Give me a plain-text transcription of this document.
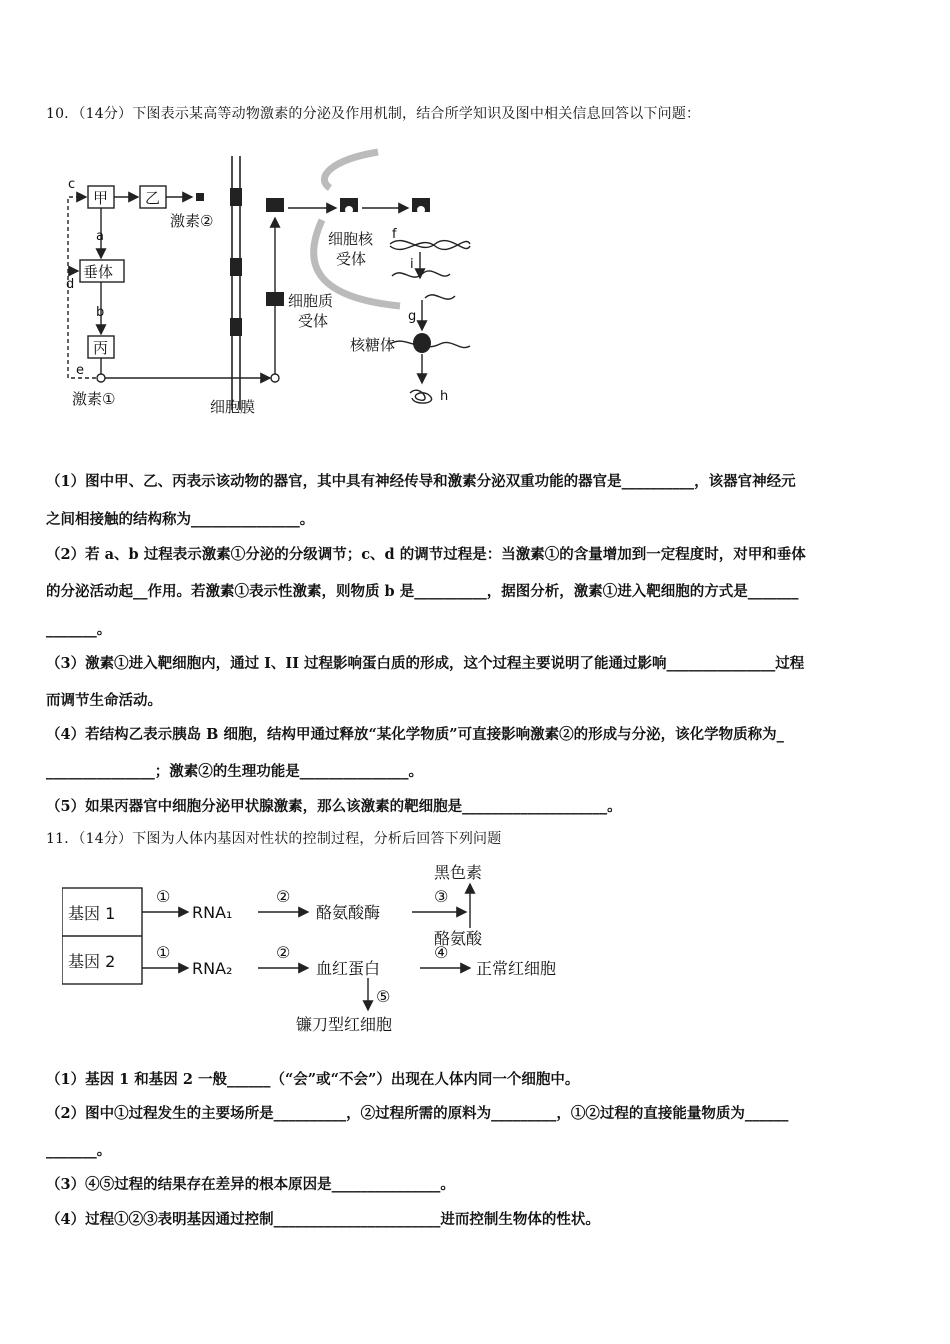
10．（14分）下图表示某高等动物激素的分泌及作用机制，结合所学知识及图中相关信息回答以下问题：
甲 乙
垂体
丙
激素②
激素①	细胞膜
细胞质
受体
细胞核
受体
核糖体
c
a
d
b
e
f
i
g
h
（1）图中甲、乙、丙表示该动物的器官，其中具有神经传导和激素分泌双重功能的器官是__________，该器官神经元
之间相接触的结构称为_______________。
（2）若 a、b 过程表示激素①分泌的分级调节；c、d 的调节过程是：当激素①的含量增加到一定程度时，对甲和垂体
的分泌活动起__作用。若激素①表示性激素，则物质 b 是__________，据图分析，激素①进入靶细胞的方式是_______
_______。
（3）激素①进入靶细胞内，通过 I、II 过程影响蛋白质的形成，这个过程主要说明了能通过影响_______________过程
而调节生命活动。
（4）若结构乙表示胰岛 B 细胞，结构甲通过释放“某化学物质”可直接影响激素②的形成与分泌，该化学物质称为_
_______________；激素②的生理功能是_______________。
（5）如果丙器官中细胞分泌甲状腺激素，那么该激素的靶细胞是____________________。
11．（14分）下图为人体内基因对性状的控制过程，分析后回答下列问题
基因 1
基因 2
RNA₁
RNA₂
酪氨酸酶
黑色素
酪氨酸
血红蛋白	正常红细胞
镰刀型红细胞
①	②	③
①	②	④
⑤
（1）基因 1 和基因 2 一般______（“会”或“不会”）出现在人体内同一个细胞中。
（2）图中①过程发生的主要场所是__________，②过程所需的原料为_________，①②过程的直接能量物质为______
_______。
（3）④⑤过程的结果存在差异的根本原因是_______________。
（4）过程①②③表明基因通过控制_______________________进而控制生物体的性状。
